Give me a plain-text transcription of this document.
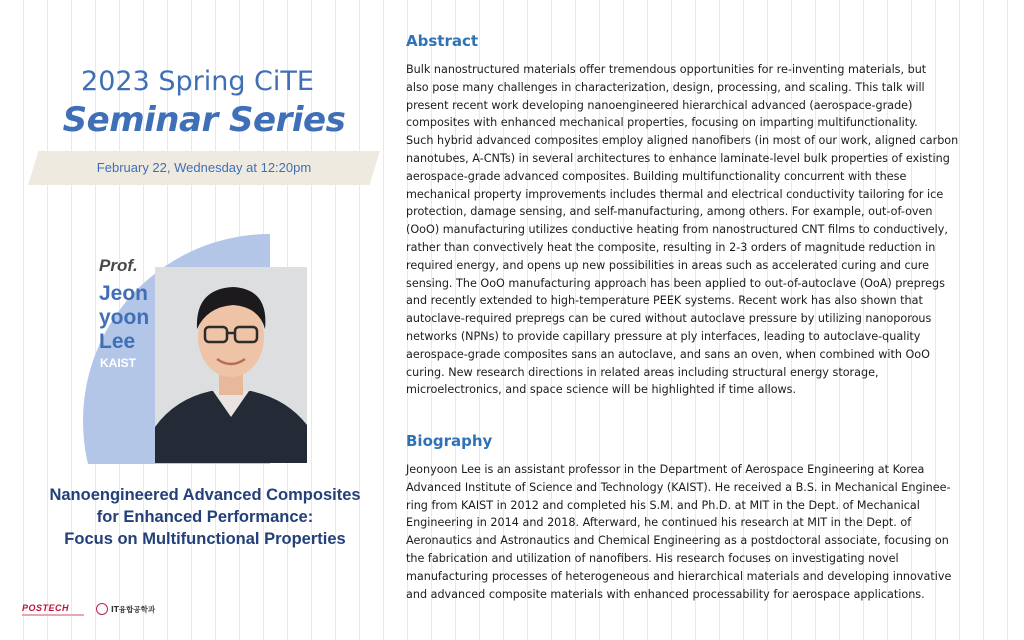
2023 Spring CiTE
Seminar Series
February 22, Wednesday at 12:20pm
Prof.
Jeon
yoon
Lee
KAIST
Nanoengineered Advanced Composites
for Enhanced Performance:
Focus on Multifunctional Properties
POSTECH	IT융합공학과
Abstract
Bulk nanostructured materials offer tremendous opportunities for re-inventing materials, but
also pose many challenges in characterization, design, processing, and scaling. This talk will
present recent work developing nanoengineered hierarchical advanced (aerospace-grade)
composites with enhanced mechanical properties, focusing on imparting multifunctionality.
Such hybrid advanced composites employ aligned nanofibers (in most of our work, aligned carbon
nanotubes, A-CNTs) in several architectures to enhance laminate-level bulk properties of existing
aerospace-grade advanced composites. Building multifunctionality concurrent with these
mechanical property improvements includes thermal and electrical conductivity tailoring for ice
protection, damage sensing, and self-manufacturing, among others. For example, out-of-oven
(OoO) manufacturing utilizes conductive heating from nanostructured CNT films to conductively,
rather than convectively heat the composite, resulting in 2-3 orders of magnitude reduction in
required energy, and opens up new possibilities in areas such as accelerated curing and cure
sensing. The OoO manufacturing approach has been applied to out-of-autoclave (OoA) prepregs
and recently extended to high-temperature PEEK systems. Recent work has also shown that
autoclave-required prepregs can be cured without autoclave pressure by utilizing nanoporous
networks (NPNs) to provide capillary pressure at ply interfaces, leading to autoclave-quality
aerospace-grade composites sans an autoclave, and sans an oven, when combined with OoO
curing. New research directions in related areas including structural energy storage,
microelectronics, and space science will be highlighted if time allows.
Biography
Jeonyoon Lee is an assistant professor in the Department of Aerospace Engineering at Korea
Advanced Institute of Science and Technology (KAIST). He received a B.S. in Mechanical Enginee-
ring from KAIST in 2012 and completed his S.M. and Ph.D. at MIT in the Dept. of Mechanical
Engineering in 2014 and 2018. Afterward, he continued his research at MIT in the Dept. of
Aeronautics and Astronautics and Chemical Engineering as a postdoctoral associate, focusing on
the fabrication and utilization of nanofibers. His research focuses on investigating novel
manufacturing processes of heterogeneous and hierarchical materials and developing innovative
and advanced composite materials with enhanced processability for aerospace applications.
